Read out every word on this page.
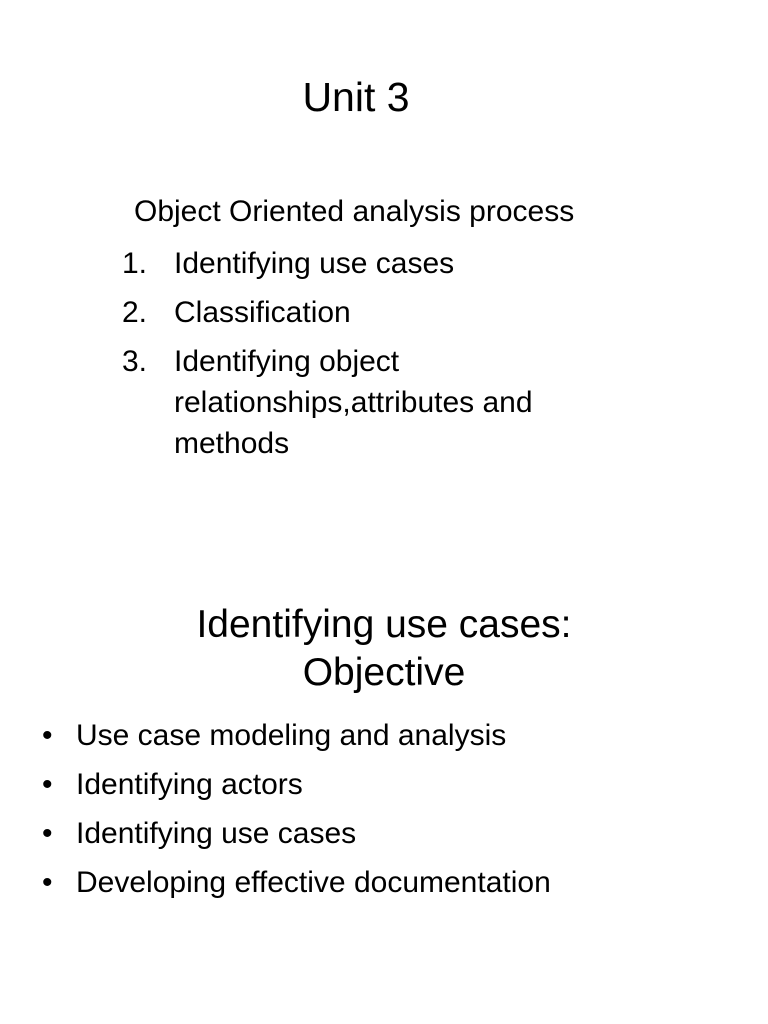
Unit 3

Object Oriented analysis process

1. Identifying use cases
2. Classification
3. Identifying object relationships,attributes and methods
Identifying use cases:
Objective
• Use case modeling and analysis
• Identifying actors
• Identifying use cases
• Developing effective documentation
